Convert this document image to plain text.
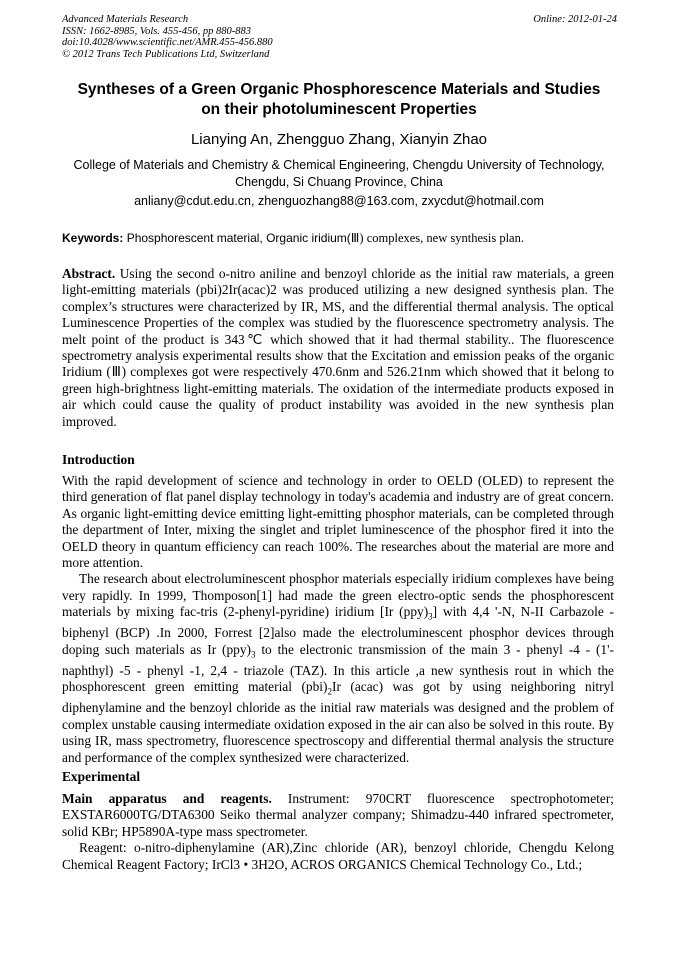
Advanced Materials Research
ISSN: 1662-8985, Vols. 455-456, pp 880-883
doi:10.4028/www.scientific.net/AMR.455-456.880
© 2012 Trans Tech Publications Ltd, Switzerland
Online: 2012-01-24
Syntheses of a Green Organic Phosphorescence Materials and Studies
on their photoluminescent Properties
Lianying An, Zhengguo Zhang, Xianyin Zhao
College of Materials and Chemistry & Chemical Engineering, Chengdu University of Technology,
Chengdu, Si Chuang Province, China
anliany@cdut.edu.cn, zhenguozhang88@163.com, zxycdut@hotmail.com
Keywords: Phosphorescent material, Organic iridium(Ⅲ) complexes, new synthesis plan.

Abstract. Using the second o-nitro aniline and benzoyl chloride as the initial raw materials, a green light-emitting materials (pbi)2Ir(acac)2 was produced utilizing a new designed synthesis plan. The complex’s structures were characterized by IR, MS, and the differential thermal analysis. The optical Luminescence Properties of the complex was studied by the fluorescence spectrometry analysis. The melt point of the product is 343℃ which showed that it had thermal stability.. The fluorescence spectrometry analysis experimental results show that the Excitation and emission peaks of the organic Iridium (Ⅲ) complexes got were respectively 470.6nm and 526.21nm which showed that it belong to green high-brightness light-emitting materials. The oxidation of the intermediate products exposed in air which could cause the quality of product instability was avoided in the new synthesis plan improved.

Introduction

With the rapid development of science and technology in order to OELD (OLED) to represent the third generation of flat panel display technology in today's academia and industry are of great concern. As organic light-emitting device emitting light-emitting phosphor materials, can be completed through the department of Inter, mixing the singlet and triplet luminescence of the phosphor fired it into the OELD theory in quantum efficiency can reach 100%. The researches about the material are more and more attention.

The research about electroluminescent phosphor materials especially iridium complexes have being very rapidly. In 1999, Thomposon[1] had made the green electro-optic sends the phosphorescent materials by mixing fac-tris (2-phenyl-pyridine) iridium [Ir $(ppy)_3$] with 4,4 '-N, N-II Carbazole - biphenyl (BCP) .In 2000, Forrest [2]also made the electroluminescent phosphor devices through doping such materials as Ir $(ppy)_3$ to the electronic transmission of the main 3 - phenyl -4 - (1'-naphthyl) -5 - phenyl -1, 2,4 - triazole (TAZ). In this article ,a new synthesis rout in which the phosphorescent green emitting material $(pbi)_2Ir$ (acac) was got by using neighboring nitryl diphenylamine and the benzoyl chloride as the initial raw materials was designed and the problem of complex unstable causing intermediate oxidation exposed in the air can also be solved in this route. By using IR, mass spectrometry, fluorescence spectroscopy and differential thermal analysis the structure and performance of the complex synthesized were characterized.

Experimental

Main apparatus and reagents. Instrument: 970CRT fluorescence spectrophotometer; EXSTAR6000TG/DTA6300 Seiko thermal analyzer company; Shimadzu-440 infrared spectrometer, solid KBr; HP5890A-type mass spectrometer.

Reagent: o-nitro-diphenylamine (AR),Zinc chloride (AR), benzoyl chloride, Chengdu Kelong Chemical Reagent Factory; IrCl3 • 3H2O, ACROS ORGANICS Chemical Technology Co., Ltd.;
